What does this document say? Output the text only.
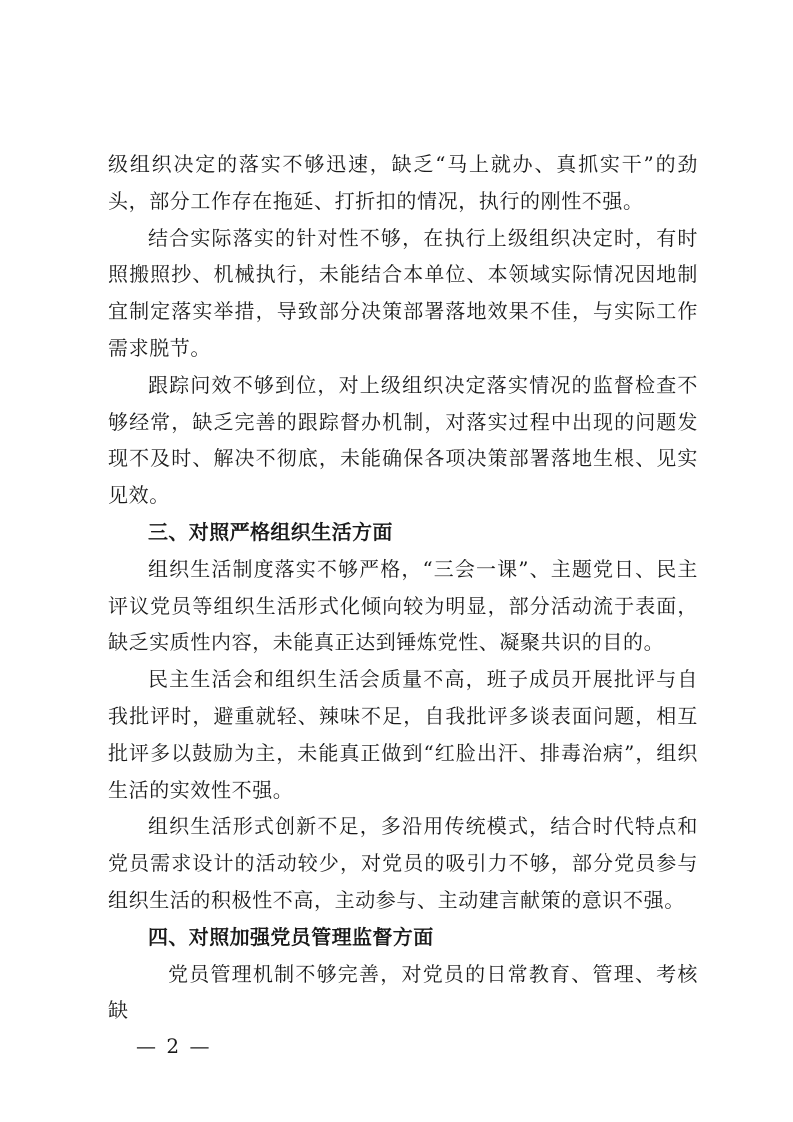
级组织决定的落实不够迅速，缺乏“马上就办、真抓实干”的劲头，部分工作存在拖延、打折扣的情况，执行的刚性不强。

结合实际落实的针对性不够，在执行上级组织决定时，有时照搬照抄、机械执行，未能结合本单位、本领域实际情况因地制宜制定落实举措，导致部分决策部署落地效果不佳，与实际工作需求脱节。

跟踪问效不够到位，对上级组织决定落实情况的监督检查不够经常，缺乏完善的跟踪督办机制，对落实过程中出现的问题发现不及时、解决不彻底，未能确保各项决策部署落地生根、见实见效。

三、对照严格组织生活方面

组织生活制度落实不够严格，“三会一课”、主题党日、民主评议党员等组织生活形式化倾向较为明显，部分活动流于表面，缺乏实质性内容，未能真正达到锤炼党性、凝聚共识的目的。

民主生活会和组织生活会质量不高，班子成员开展批评与自我批评时，避重就轻、辣味不足，自我批评多谈表面问题，相互批评多以鼓励为主，未能真正做到“红脸出汗、排毒治病”，组织生活的实效性不强。

组织生活形式创新不足，多沿用传统模式，结合时代特点和党员需求设计的活动较少，对党员的吸引力不够，部分党员参与组织生活的积极性不高，主动参与、主动建言献策的意识不强。

四、对照加强党员管理监督方面

党员管理机制不够完善，对党员的日常教育、管理、考核缺

— 2 —
